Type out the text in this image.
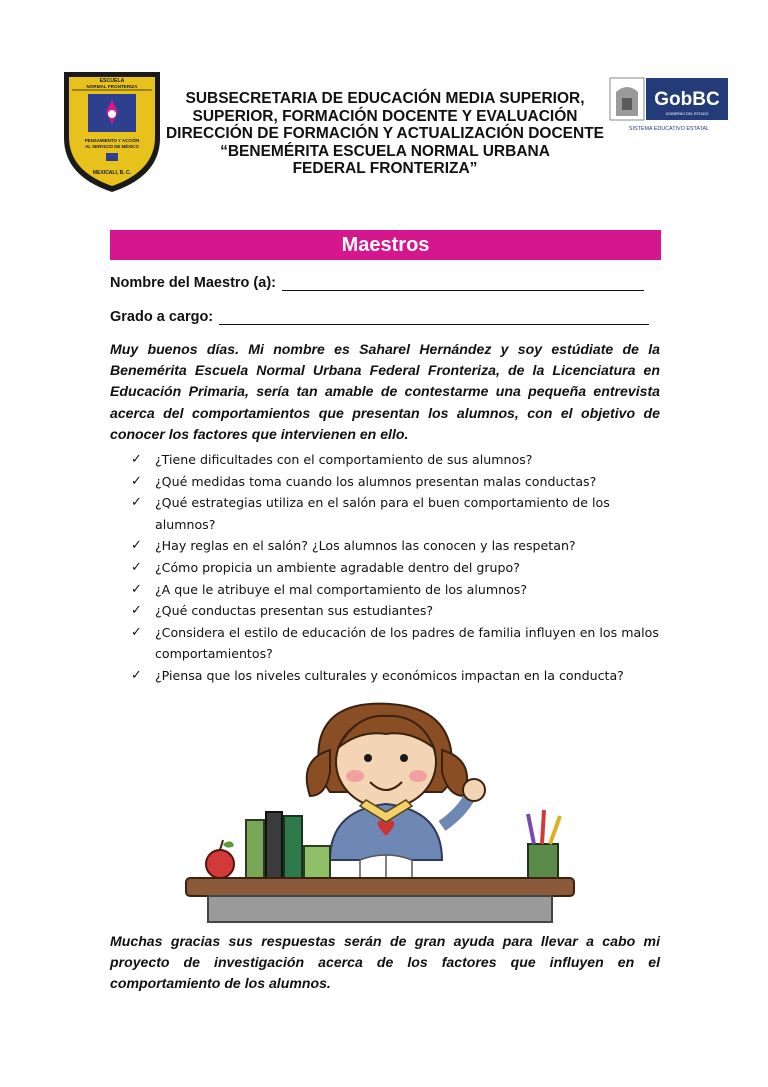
ESCUELA
NORMAL FRONTERIZA
PENSAMIENTO Y ACCIÓN
AL SERVICIO DE MÉXICO
MEXICALI, B. C.
SUBSECRETARIA DE EDUCACIÓN MEDIA SUPERIOR,
SUPERIOR, FORMACIÓN DOCENTE Y EVALUACIÓN
DIRECCIÓN DE FORMACIÓN Y ACTUALIZACIÓN DOCENTE
“BENEMÉRITA ESCUELA NORMAL URBANA
FEDERAL FRONTERIZA”
GobBC
GOBIERNO DEL ESTADO
SISTEMA EDUCATIVO ESTATAL
Maestros
Nombre del Maestro (a):
Grado a cargo:
Muy buenos días. Mi nombre es Saharel Hernández y soy estúdiate de la
Benemérita Escuela Normal Urbana Federal Fronteriza, de la Licenciatura en
Educación Primaria, sería tan amable de contestarme una pequeña entrevista
acerca del comportamientos que presentan los alumnos, con el objetivo de
conocer los factores que intervienen en ello.
✓ ¿Tiene dificultades con el comportamiento de sus alumnos?
✓ ¿Qué medidas toma cuando los alumnos presentan malas conductas?
✓ ¿Qué estrategias utiliza en el salón para el buen comportamiento de los
alumnos?
✓ ¿Hay reglas en el salón? ¿Los alumnos las conocen y las respetan?
✓ ¿Cómo propicia un ambiente agradable dentro del grupo?
✓ ¿A que le atribuye el mal comportamiento de los alumnos?
✓ ¿Qué conductas presentan sus estudiantes?
✓ ¿Considera el estilo de educación de los padres de familia influyen en los malos
comportamientos?
✓ ¿Piensa que los niveles culturales y económicos impactan en la conducta?
Muchas gracias sus respuestas serán de gran ayuda para llevar a cabo mi
proyecto de investigación acerca de los factores que influyen en el
comportamiento de los alumnos.
